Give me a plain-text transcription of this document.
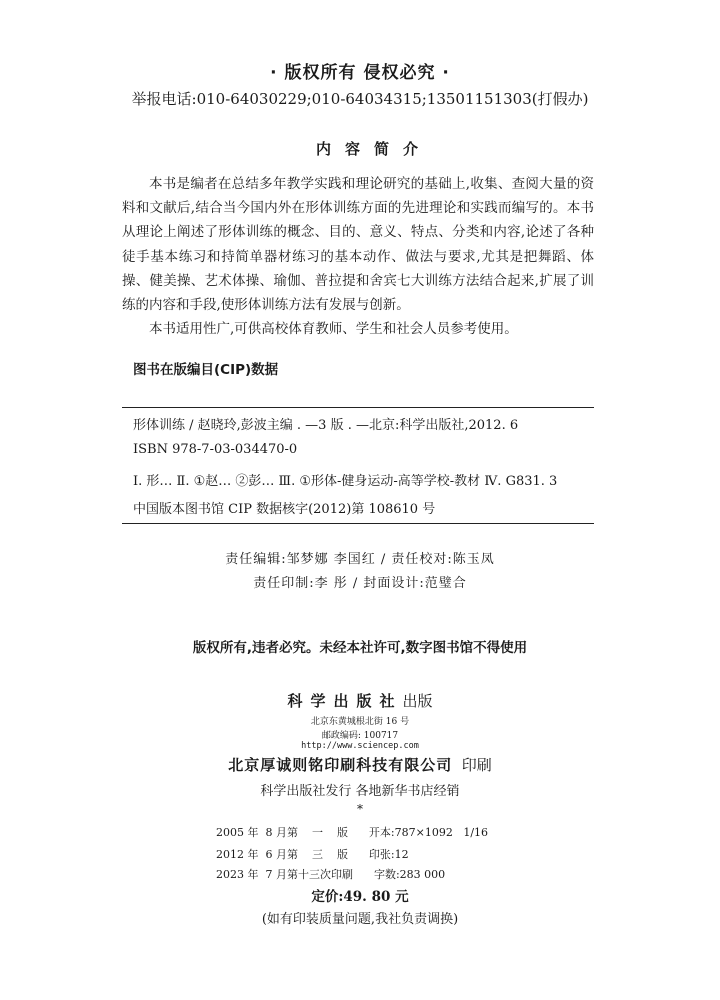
· 版权所有 侵权必究 ·
举报电话:010-64030229;010-64034315;13501151303(打假办)
内容简介

本书是编者在总结多年教学实践和理论研究的基础上,收集、查阅大量的资料和文献后,结合当今国内外在形体训练方面的先进理论和实践而编写的。本书从理论上阐述了形体训练的概念、目的、意义、特点、分类和内容,论述了各种徒手基本练习和持简单器材练习的基本动作、做法与要求,尤其是把舞蹈、体操、健美操、艺术体操、瑜伽、普拉提和舍宾七大训练方法结合起来,扩展了训练的内容和手段,使形体训练方法有发展与创新。

本书适用性广,可供高校体育教师、学生和社会人员参考使用。

图书在版编目(CIP)数据
形体训练 / 赵晓玲,彭波主编 . —3 版 . —北京:科学出版社,2012. 6
ISBN 978-7-03-034470-0
Ⅰ. 形… Ⅱ. ①赵… ②彭… Ⅲ. ①形体-健身运动-高等学校-教材 Ⅳ. G831. 3
中国版本图书馆 CIP 数据核字(2012)第 108610 号
责任编辑:邹梦娜 李国红 / 责任校对:陈玉凤
责任印制:李 彤 / 封面设计:范璧合
版权所有,违者必究。未经本社许可,数字图书馆不得使用
科学出版社出版
北京东黄城根北街 16 号
邮政编码: 100717
http://www.sciencep.com
北京厚诚则铭印刷科技有限公司 印刷
科学出版社发行 各地新华书店经销
*
2005 年  8 月第    一    版      开本:787×1092   1/16
2012 年  6 月第    三    版      印张:12
2023 年  7 月第十三次印刷      字数:283 000
定价:49. 80 元
(如有印装质量问题,我社负责调换)
